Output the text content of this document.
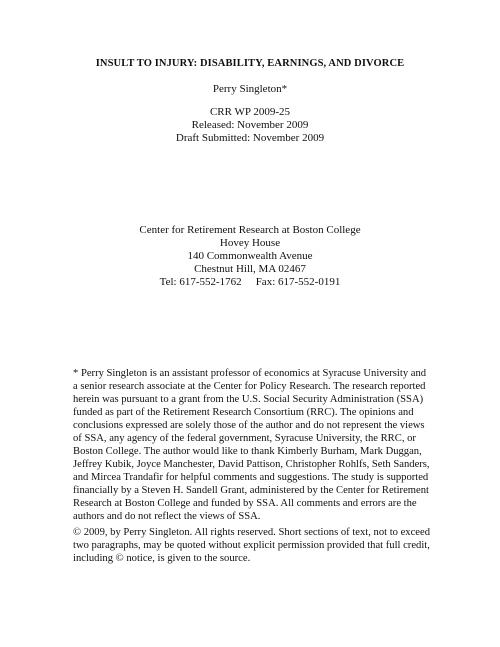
INSULT TO INJURY: DISABILITY, EARNINGS, AND DIVORCE
Perry Singleton*
CRR WP 2009-25
Released: November 2009
Draft Submitted: November 2009
Center for Retirement Research at Boston College
Hovey House
140 Commonwealth Avenue
Chestnut Hill, MA 02467
Tel: 617-552-1762 Fax: 617-552-0191
* Perry Singleton is an assistant professor of economics at Syracuse University and a senior research associate at the Center for Policy Research. The research reported herein was pursuant to a grant from the U.S. Social Security Administration (SSA) funded as part of the Retirement Research Consortium (RRC). The opinions and conclusions expressed are solely those of the author and do not represent the views of SSA, any agency of the federal government, Syracuse University, the RRC, or Boston College. The author would like to thank Kimberly Burham, Mark Duggan, Jeffrey Kubik, Joyce Manchester, David Pattison, Christopher Rohlfs, Seth Sanders, and Mircea Trandafir for helpful comments and suggestions. The study is supported financially by a Steven H. Sandell Grant, administered by the Center for Retirement Research at Boston College and funded by SSA. All comments and errors are the authors and do not reflect the views of SSA.
© 2009, by Perry Singleton. All rights reserved. Short sections of text, not to exceed two paragraphs, may be quoted without explicit permission provided that full credit, including © notice, is given to the source.
